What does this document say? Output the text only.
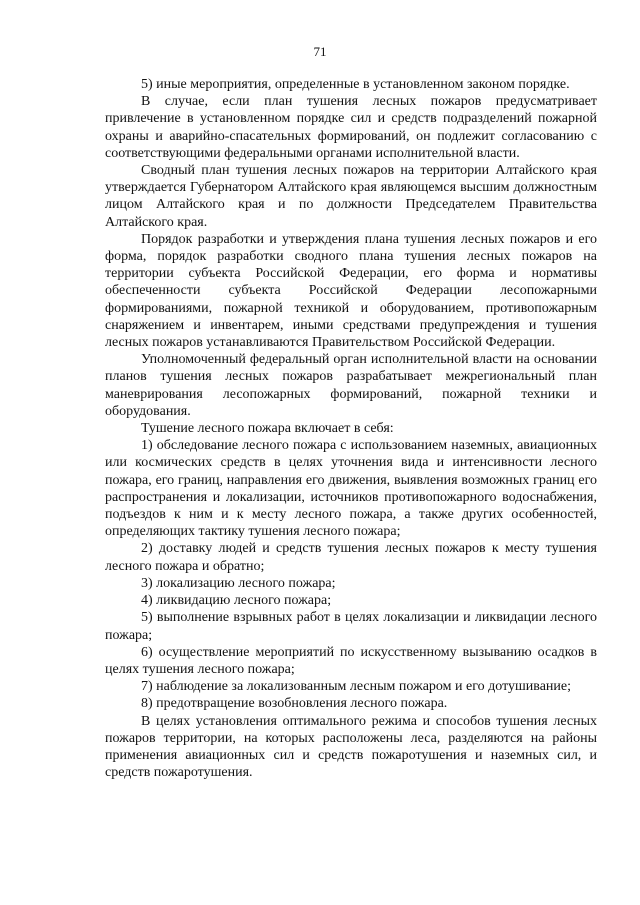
71

5) иные мероприятия, определенные в установленном законом порядке.

В случае, если план тушения лесных пожаров предусматривает привлечение в установленном порядке сил и средств подразделений пожарной охраны и аварийно-спасательных формирований, он подлежит согласованию с соответствующими федеральными органами исполнительной власти.

Сводный план тушения лесных пожаров на территории Алтайского края утверждается Губернатором Алтайского края являющемся высшим должностным лицом Алтайского края и по должности Председателем Правительства Алтайского края.

Порядок разработки и утверждения плана тушения лесных пожаров и его форма, порядок разработки сводного плана тушения лесных пожаров на территории субъекта Российской Федерации, его форма и нормативы обеспеченности субъекта Российской Федерации лесопожарными формированиями, пожарной техникой и оборудованием, противопожарным снаряжением и инвентарем, иными средствами предупреждения и тушения лесных пожаров устанавливаются Правительством Российской Федерации.

Уполномоченный федеральный орган исполнительной власти на основании планов тушения лесных пожаров разрабатывает межрегиональный план маневрирования лесопожарных формирований, пожарной техники и оборудования.

Тушение лесного пожара включает в себя:

1) обследование лесного пожара с использованием наземных, авиационных или космических средств в целях уточнения вида и интенсивности лесного пожара, его границ, направления его движения, выявления возможных границ его распространения и локализации, источников противопожарного водоснабжения, подъездов к ним и к месту лесного пожара, а также других особенностей, определяющих тактику тушения лесного пожара;

2) доставку людей и средств тушения лесных пожаров к месту тушения лесного пожара и обратно;

3) локализацию лесного пожара;

4) ликвидацию лесного пожара;

5) выполнение взрывных работ в целях локализации и ликвидации лесного пожара;

6) осуществление мероприятий по искусственному вызыванию осадков в целях тушения лесного пожара;

7) наблюдение за локализованным лесным пожаром и его дотушивание;

8) предотвращение возобновления лесного пожара.

В целях установления оптимального режима и способов тушения лесных пожаров территории, на которых расположены леса, разделяются на районы применения авиационных сил и средств пожаротушения и наземных сил, и средств пожаротушения.
